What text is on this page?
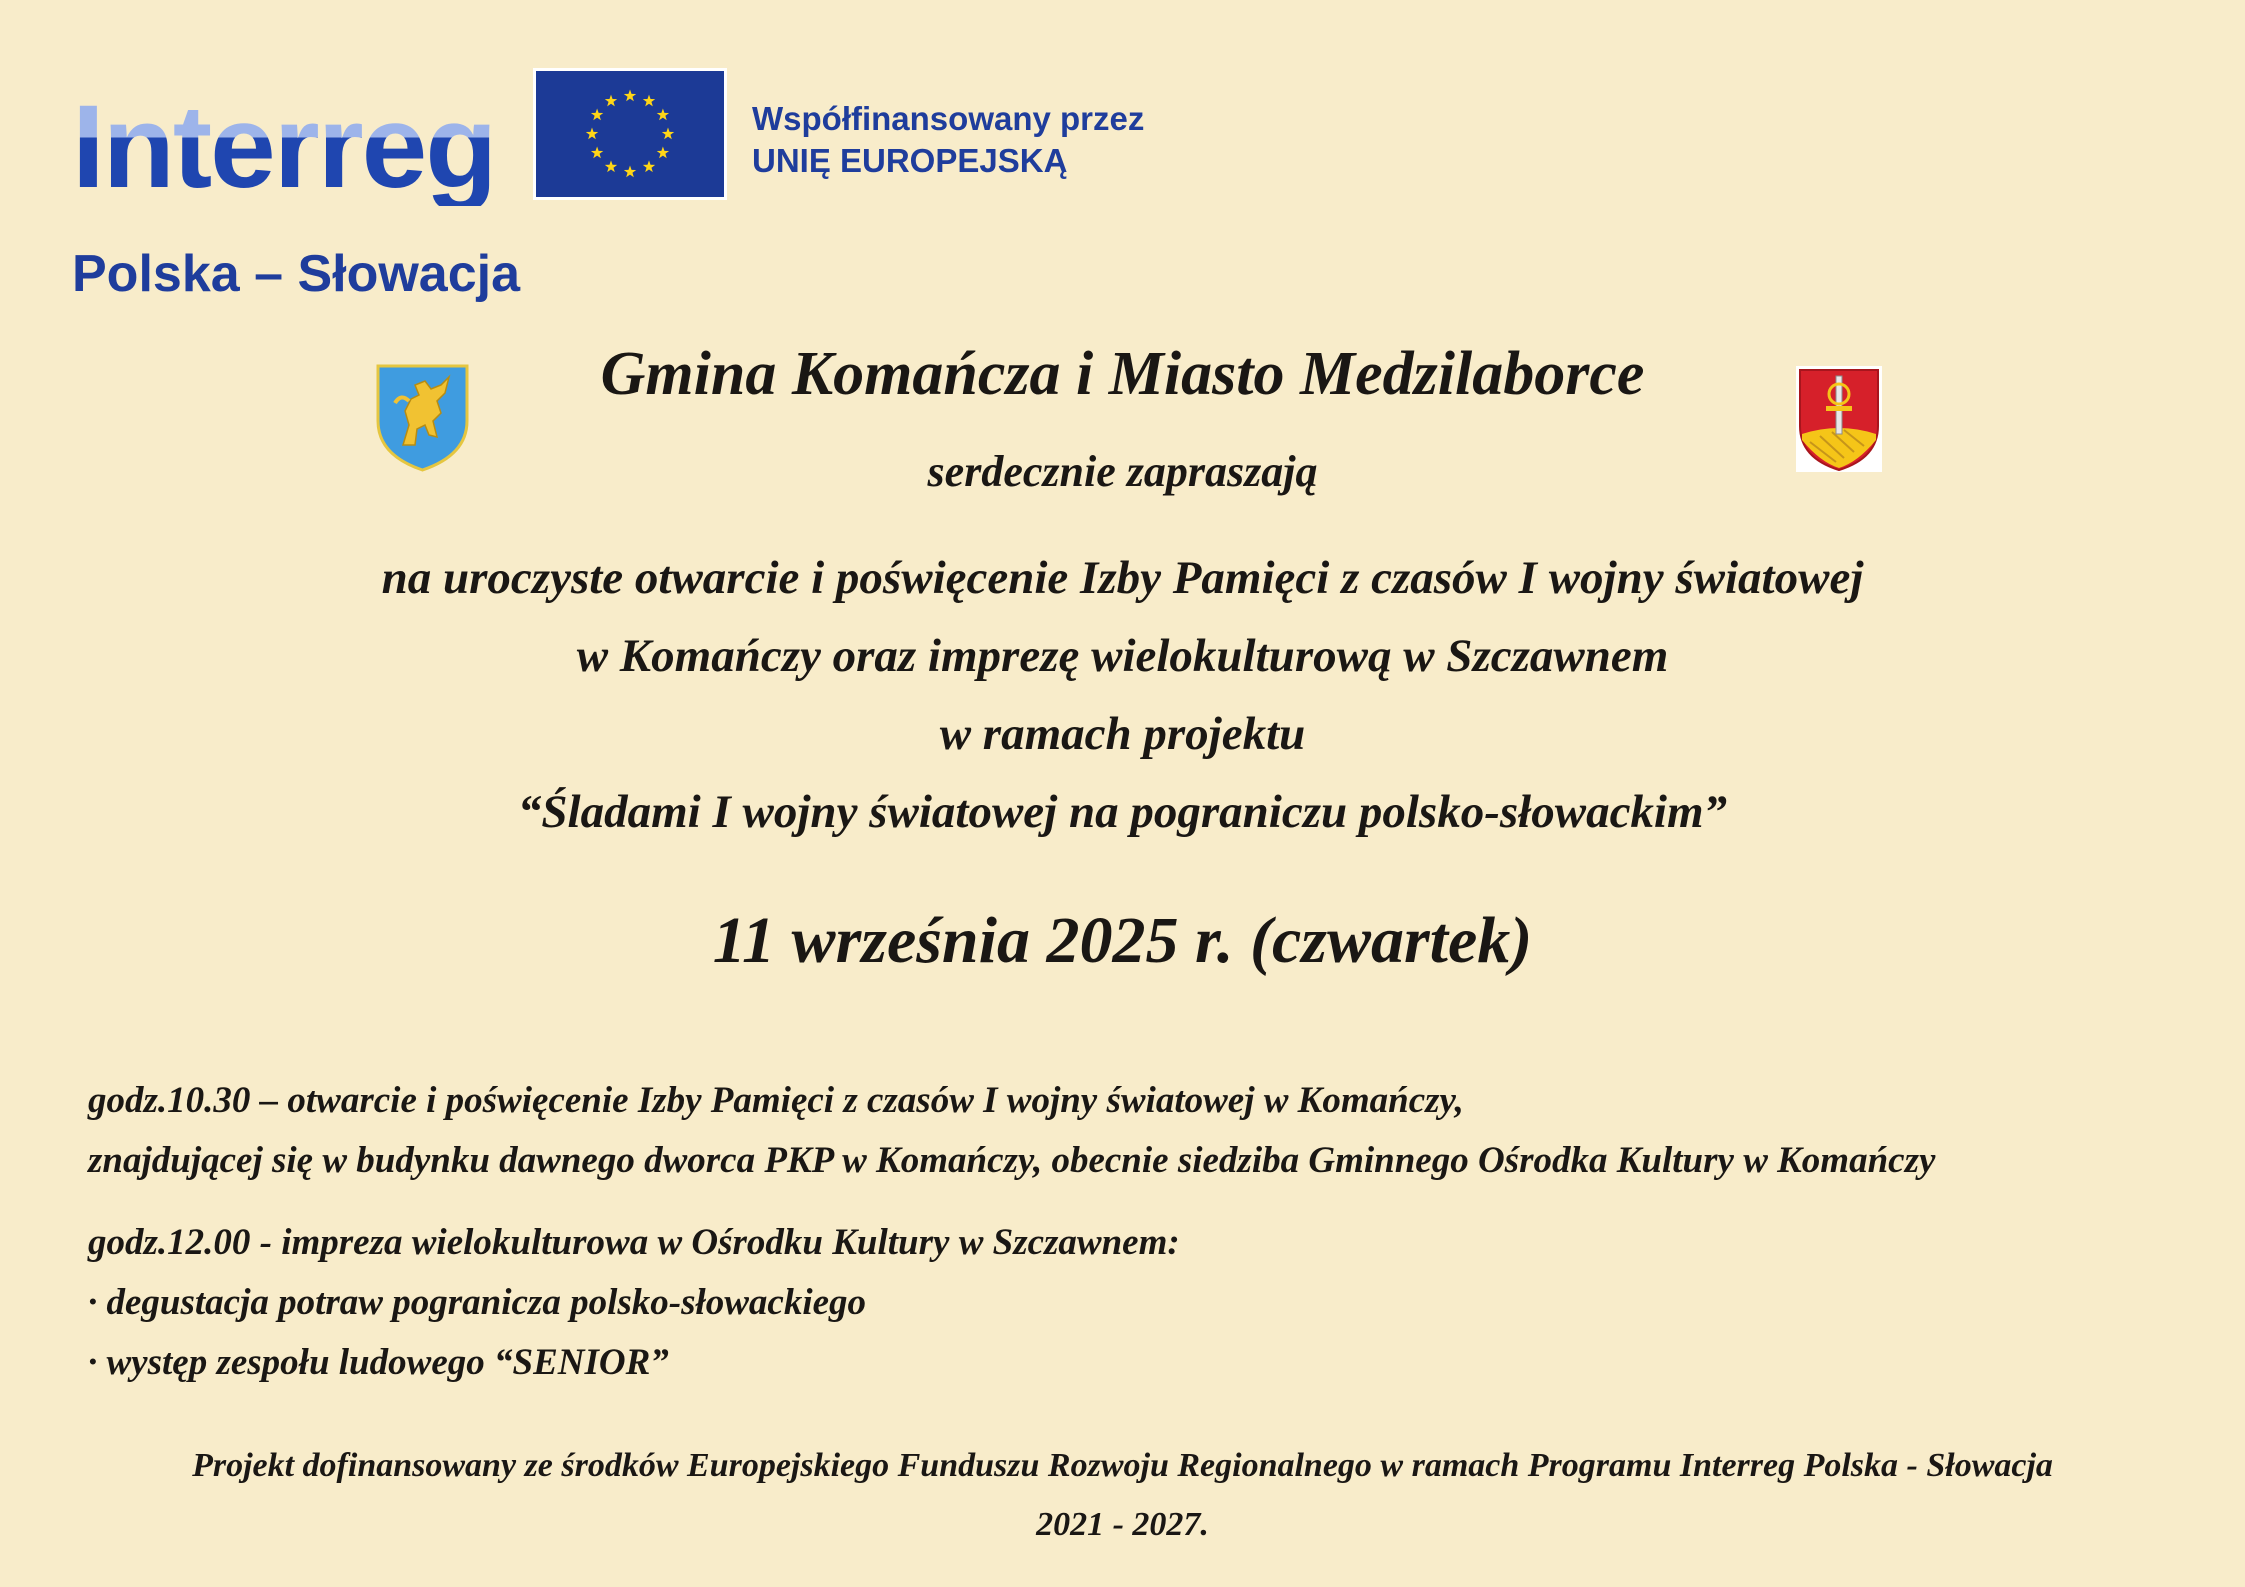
Interreg
Polska – Słowacja
Współfinansowany przez
UNIĘ EUROPEJSKĄ
Gmina Komańcza i Miasto Medzilaborce
serdecznie zapraszają
na uroczyste otwarcie i poświęcenie Izby Pamięci z czasów I wojny światowej
w Komańczy oraz imprezę wielokulturową w Szczawnem
w ramach projektu
“Śladami I wojny światowej na pograniczu polsko-słowackim”
11 września 2025 r. (czwartek)
godz.10.30 – otwarcie i poświęcenie Izby Pamięci z czasów I wojny światowej w Komańczy,
znajdującej się w budynku dawnego dworca PKP w Komańczy, obecnie siedziba Gminnego Ośrodka Kultury w Komańczy
godz.12.00 - impreza wielokulturowa w Ośrodku Kultury w Szczawnem:
· degustacja potraw pogranicza polsko-słowackiego
· występ zespołu ludowego “SENIOR”
Projekt dofinansowany ze środków Europejskiego Funduszu Rozwoju Regionalnego w ramach Programu Interreg Polska - Słowacja
2021 - 2027.
